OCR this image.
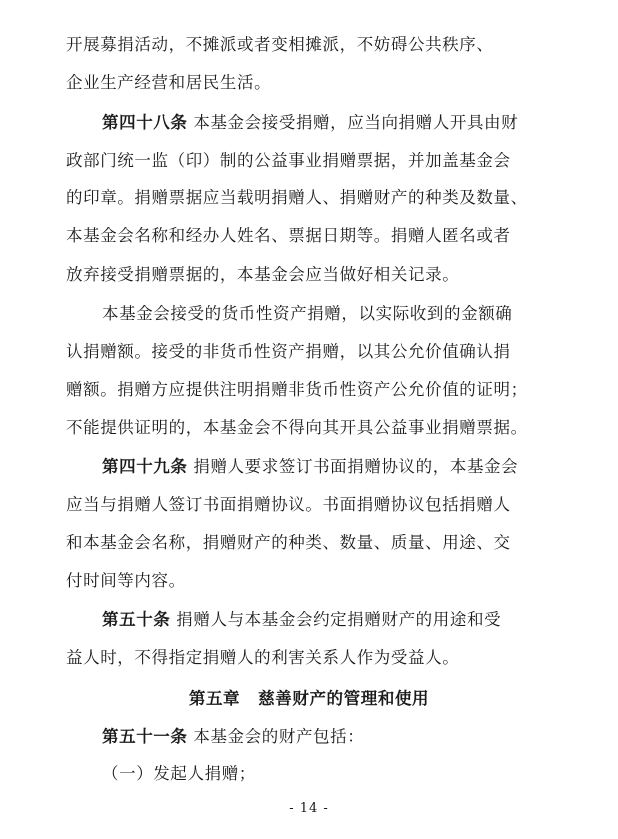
开展募捐活动，不摊派或者变相摊派，不妨碍公共秩序、
企业生产经营和居民生活。
第四十八条 本基金会接受捐赠，应当向捐赠人开具由财
政部门统一监（印）制的公益事业捐赠票据，并加盖基金会
的印章。捐赠票据应当载明捐赠人、捐赠财产的种类及数量、
本基金会名称和经办人姓名、票据日期等。捐赠人匿名或者
放弃接受捐赠票据的，本基金会应当做好相关记录。
本基金会接受的货币性资产捐赠，以实际收到的金额确
认捐赠额。接受的非货币性资产捐赠，以其公允价值确认捐
赠额。捐赠方应提供注明捐赠非货币性资产公允价值的证明；
不能提供证明的，本基金会不得向其开具公益事业捐赠票据。
第四十九条 捐赠人要求签订书面捐赠协议的，本基金会
应当与捐赠人签订书面捐赠协议。书面捐赠协议包括捐赠人
和本基金会名称，捐赠财产的种类、数量、质量、用途、交
付时间等内容。
第五十条 捐赠人与本基金会约定捐赠财产的用途和受
益人时，不得指定捐赠人的利害关系人作为受益人。
第五章 慈善财产的管理和使用
第五十一条 本基金会的财产包括：
（一）发起人捐赠；
- 14 -
